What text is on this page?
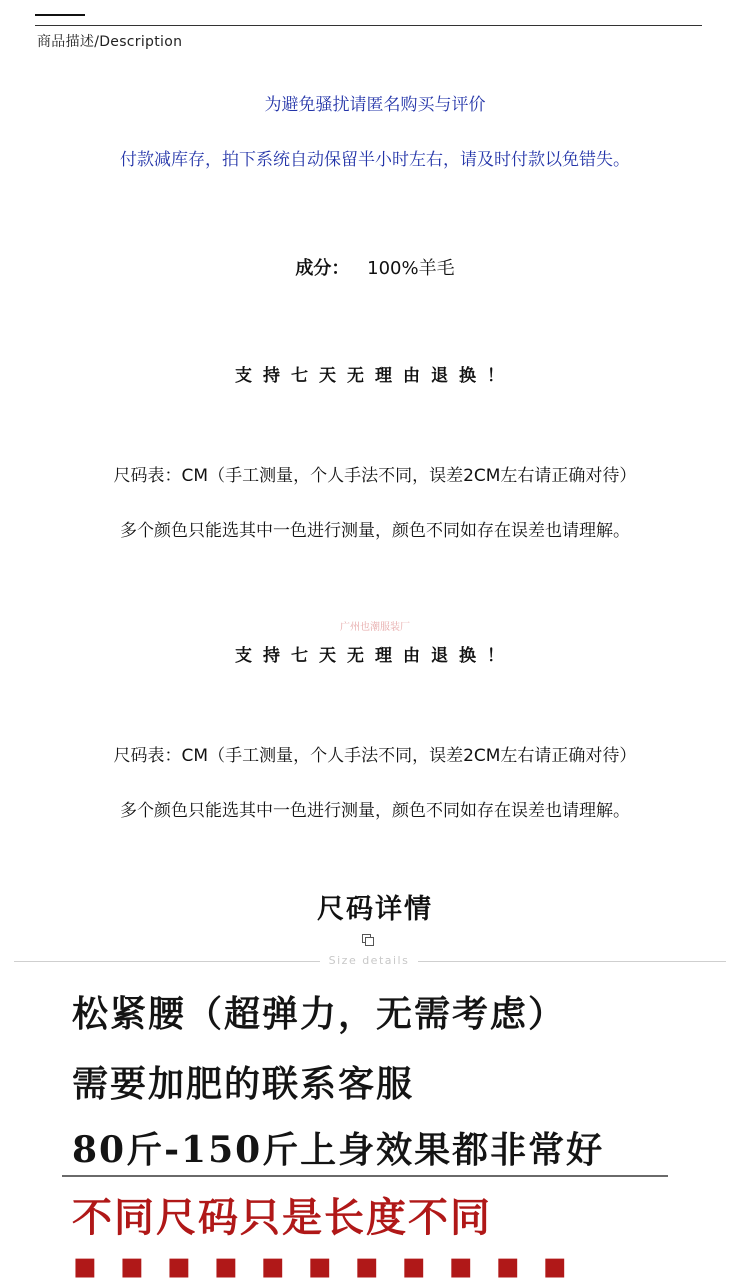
商品描述/Description
为避免骚扰请匿名购买与评价
付款减库存，拍下系统自动保留半小时左右，请及时付款以免错失。
成分： 100%羊毛
支持七天无理由退换！
尺码表：CM（手工测量，个人手法不同，误差2CM左右请正确对待）
多个颜色只能选其中一色进行测量，颜色不同如存在误差也请理解。
广州也潮服装厂
支持七天无理由退换！
尺码表：CM（手工测量，个人手法不同，误差2CM左右请正确对待）
多个颜色只能选其中一色进行测量，颜色不同如存在误差也请理解。
尺码详情
Size details
松紧腰（超弹力，无需考虑）
需要加肥的联系客服
80斤-150斤上身效果都非常好
不同尺码只是长度不同
▪ ▪ ▪ ▪ ▪ ▪ ▪ ▪ ▪ ▪ ▪
